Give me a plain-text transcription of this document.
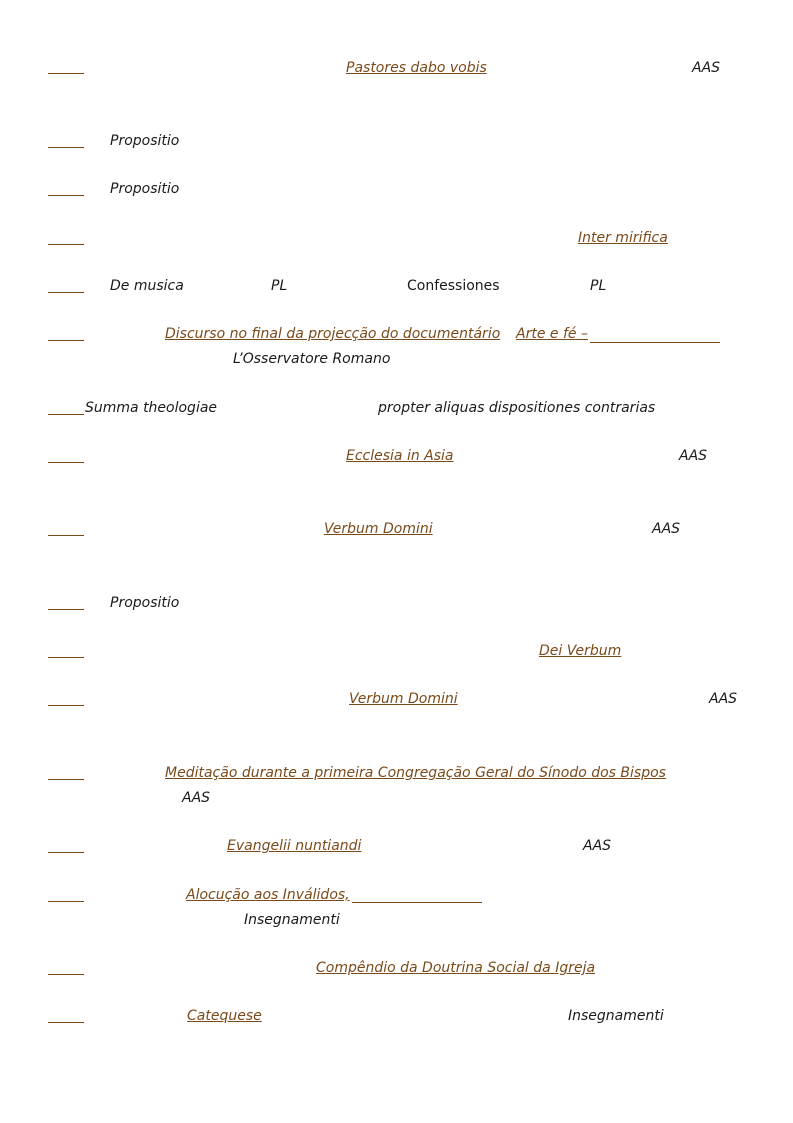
Pastores dabo vobis	AAS
Propositio
Propositio
Inter mirifica
De musica	PL	Confessiones	PL
Discurso no final da projecção do documentário Arte e fé –
L’Osservatore Romano
Summa theologiae	propter aliquas dispositiones contrarias
Ecclesia in Asia	AAS
Verbum Domini	AAS
Propositio
Dei Verbum
Verbum Domini	AAS
Meditação durante a primeira Congregação Geral do Sínodo dos Bispos
AAS
Evangelii nuntiandi	AAS
Alocução aos Inválidos,
Insegnamenti
Compêndio da Doutrina Social da Igreja
Catequese	Insegnamenti
